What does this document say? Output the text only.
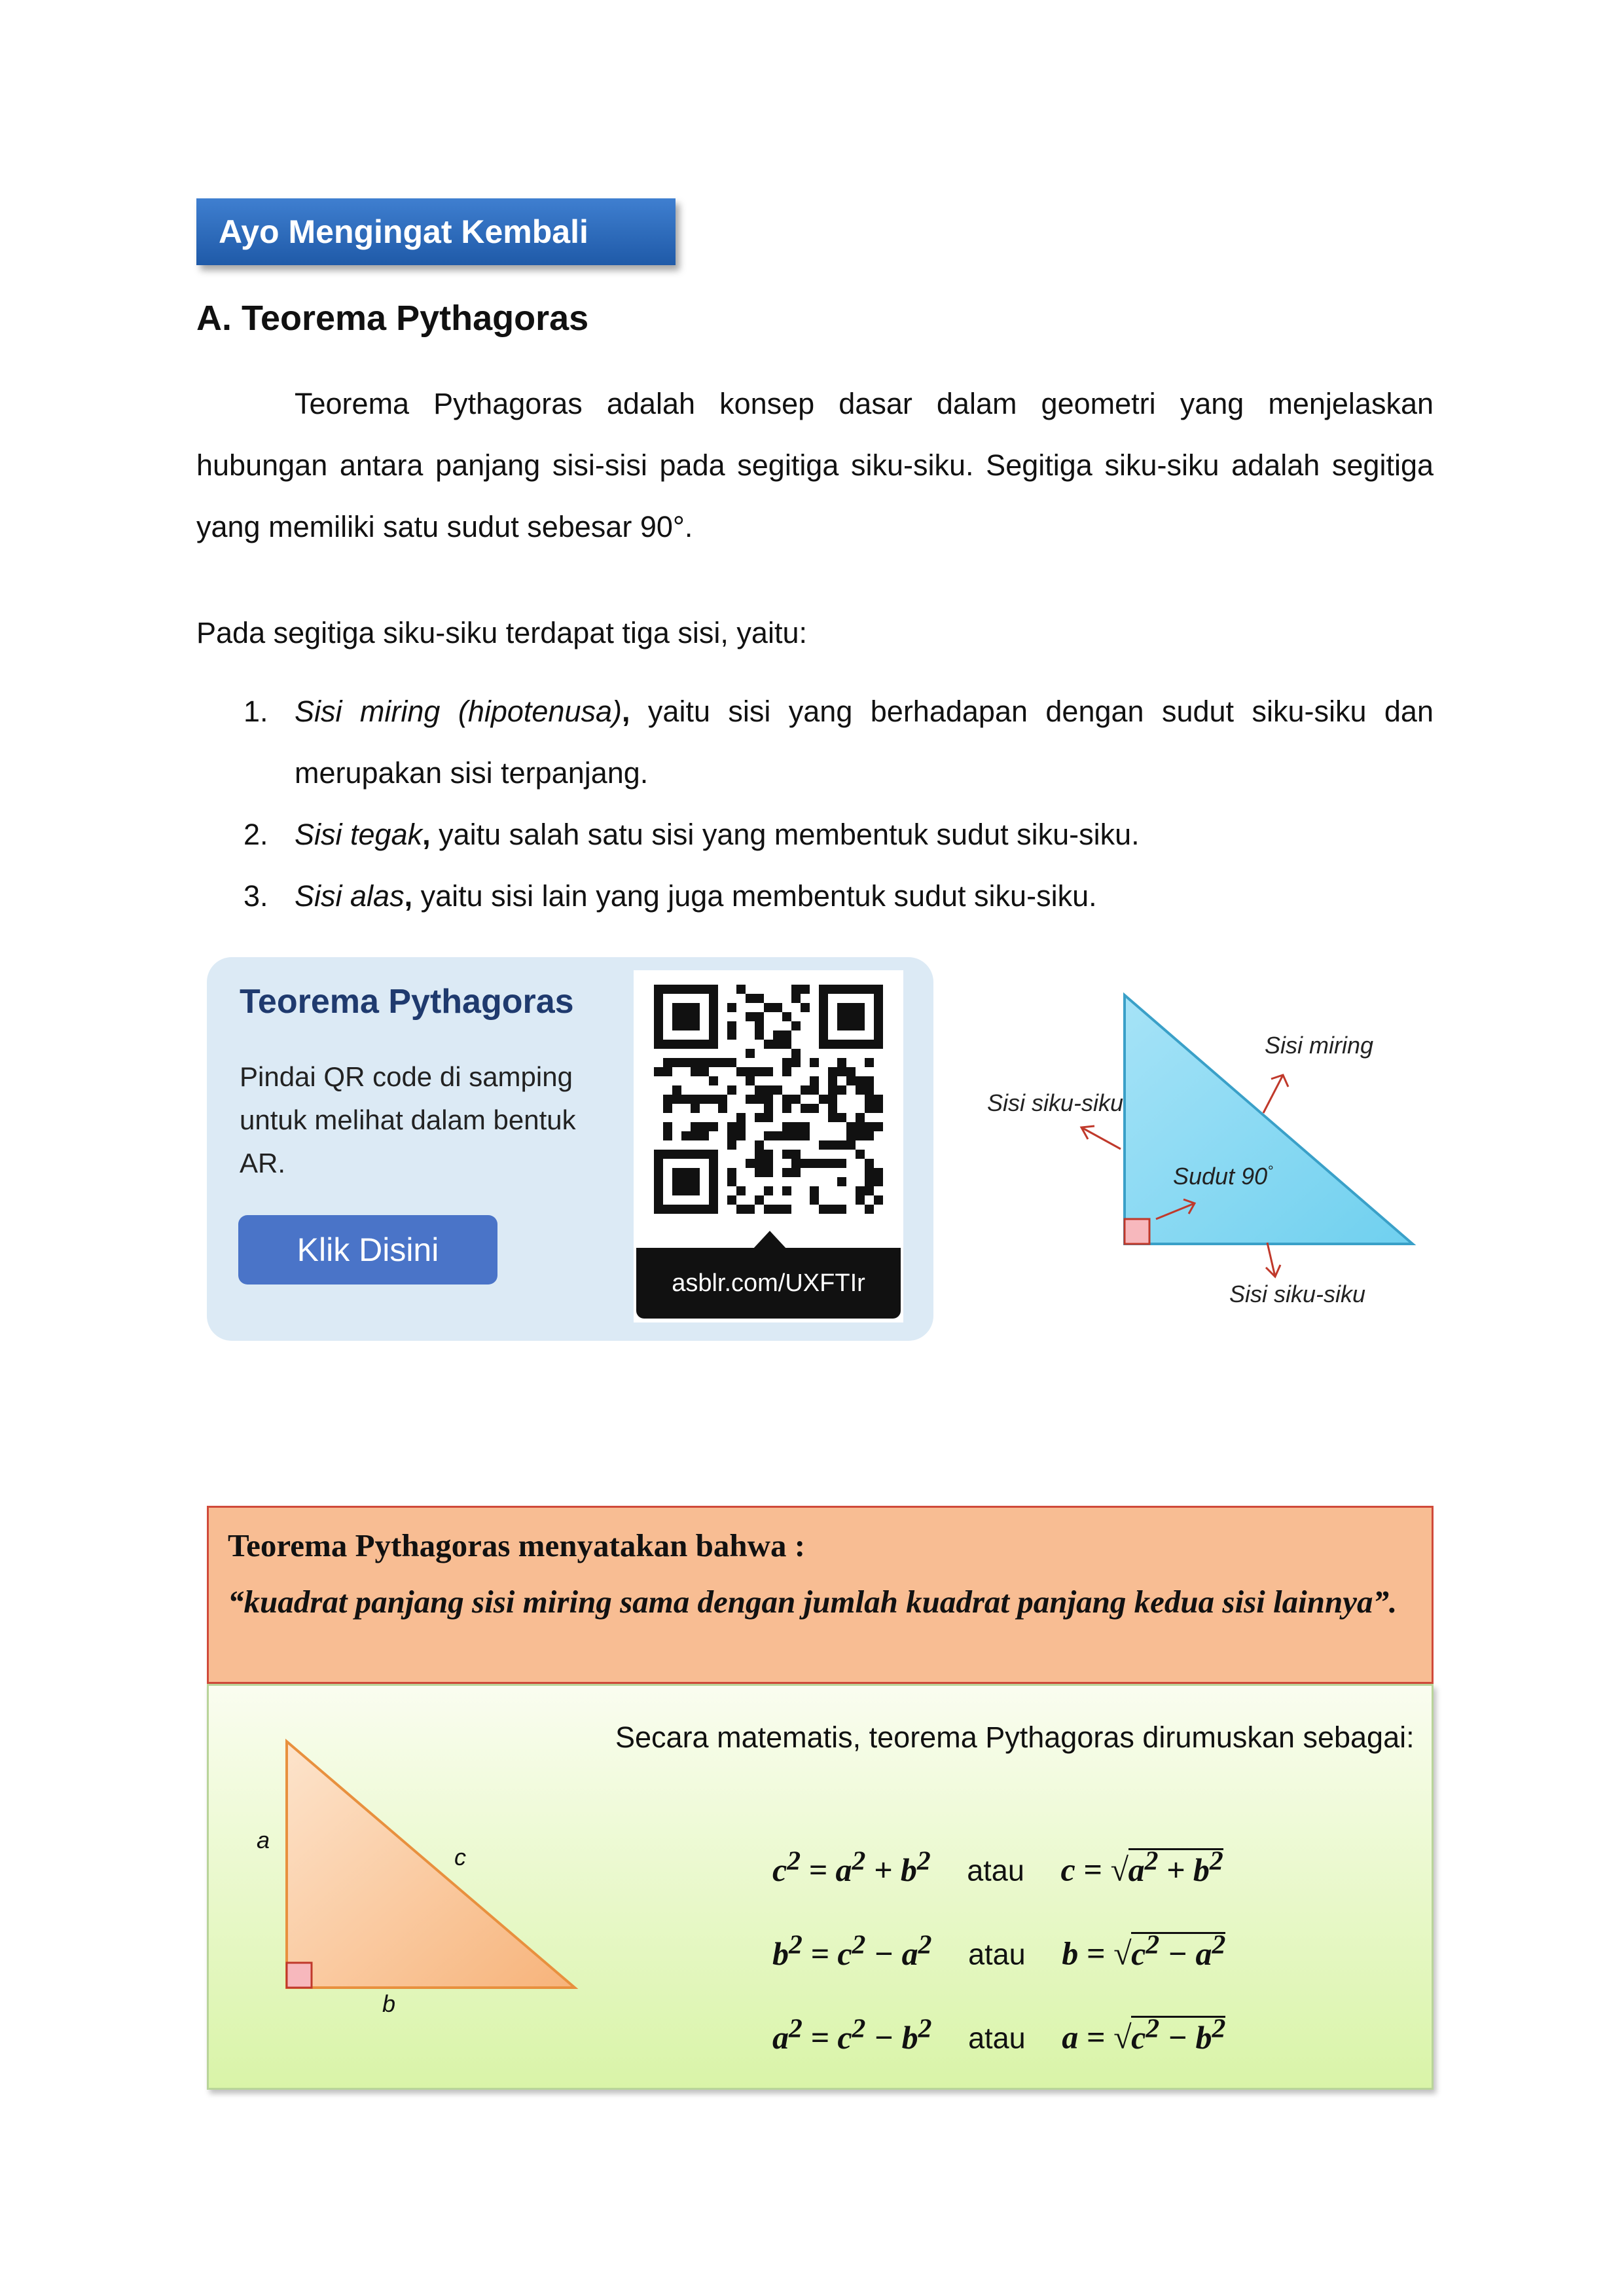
Ayo Mengingat Kembali
A. Teorema Pythagoras
Teorema Pythagoras adalah konsep dasar dalam geometri yang menjelaskan hubungan antara panjang sisi-sisi pada segitiga siku-siku. Segitiga siku-siku adalah segitiga yang memiliki satu sudut sebesar 90°.
Pada segitiga siku-siku terdapat tiga sisi, yaitu:
1. Sisi miring (hipotenusa), yaitu sisi yang berhadapan dengan sudut siku-siku dan merupakan sisi terpanjang.
2. Sisi tegak, yaitu salah satu sisi yang membentuk sudut siku-siku.
3. Sisi alas, yaitu sisi lain yang juga membentuk sudut siku-siku.
Teorema Pythagoras
Pindai QR code di samping untuk melihat dalam bentuk AR.
Klik Disini
asblr.com/UXFTIr
Sisi miring
Sisi siku-siku
Sudut 90°
Sisi siku-siku
Teorema Pythagoras menyatakan bahwa :
“kuadrat panjang sisi miring sama dengan jumlah kuadrat panjang kedua sisi lainnya”.
a
c
b
Secara matematis, teorema Pythagoras dirumuskan sebagai:
$c^2 = a^2 + b^2$ atau $c = √a^2 + b^2$
$b^2 = c^2 - a^2$ atau $b = √c^2 - a^2$
$a^2 = c^2 - b^2$ atau $a = √c^2 - b^2$
